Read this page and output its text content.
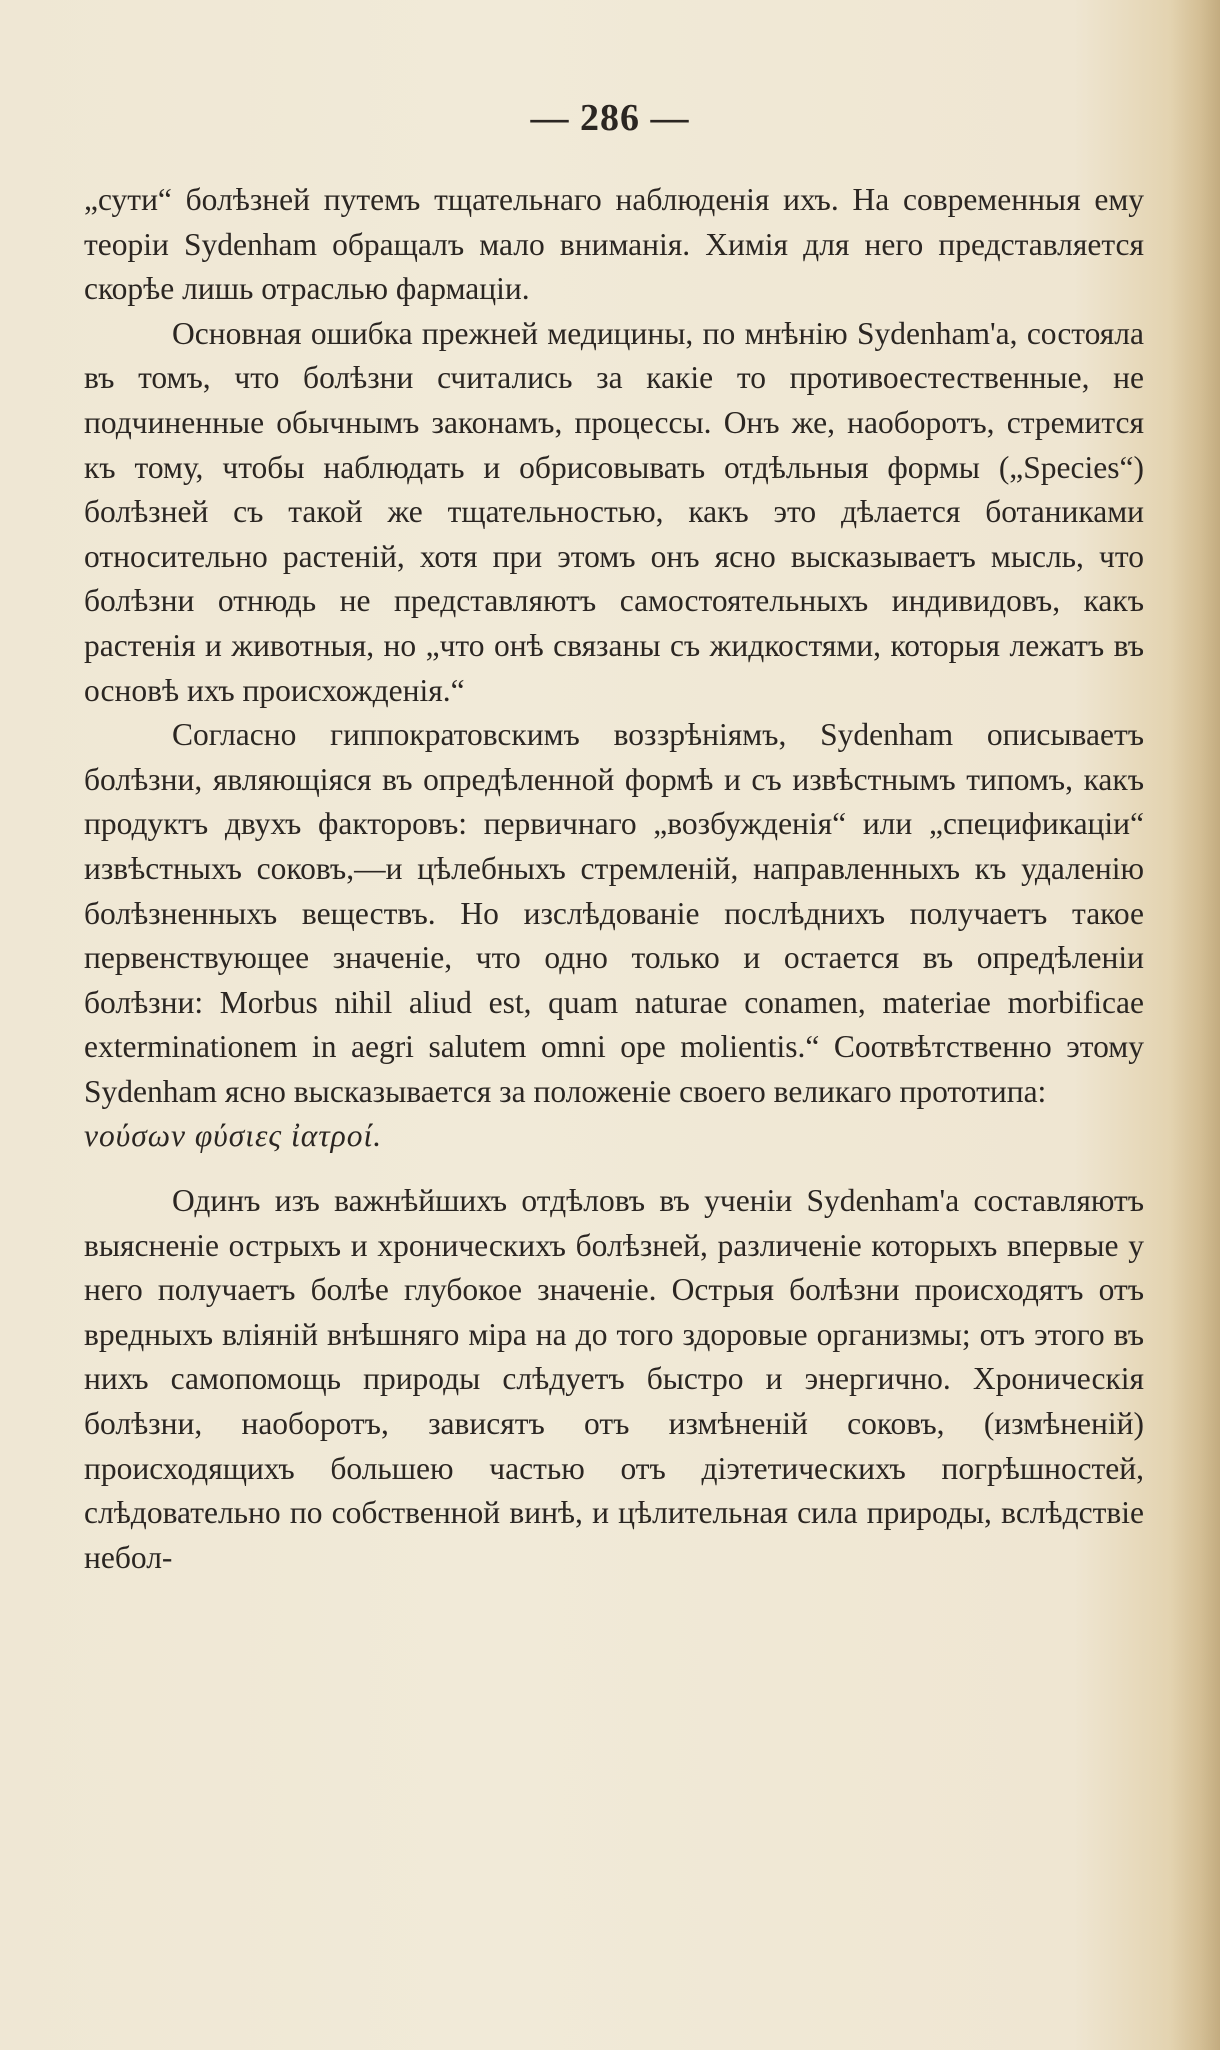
— 286 —

„сути“ болѣзней путемъ тщательнаго наблюденія ихъ. На современныя ему теоріи Sydenham обращалъ мало вниманія. Химія для него представляется скорѣе лишь отраслью фармаціи.

Основная ошибка прежней медицины, по мнѣнію Sydenham'a, состояла въ томъ, что болѣзни считались за какіе то противоестественные, не подчиненные обычнымъ законамъ, процессы. Онъ же, наоборотъ, стремится къ тому, чтобы наблюдать и обрисовывать отдѣльныя формы („Species“) болѣзней съ такой же тщательностью, какъ это дѣлается ботаниками относительно растеній, хотя при этомъ онъ ясно высказываетъ мысль, что болѣзни отнюдь не представляютъ самостоятельныхъ индивидовъ, какъ растенія и животныя, но „что онѣ связаны съ жидкостями, которыя лежатъ въ основѣ ихъ происхожденія.“

Согласно гиппократовскимъ воззрѣніямъ, Sydenham описываетъ болѣзни, являющіяся въ опредѣленной формѣ и съ извѣстнымъ типомъ, какъ продуктъ двухъ факторовъ: первичнаго „возбужденія“ или „спецификаціи“ извѣстныхъ соковъ,—и цѣлебныхъ стремленій, направленныхъ къ удаленію болѣзненныхъ веществъ. Но изслѣдованіе послѣднихъ получаетъ такое первенствующее значеніе, что одно только и остается въ опредѣленіи болѣзни: Morbus nihil aliud est, quam naturae conamen, materiae morbificae exterminationem in aegri salutem omni ope molientis.“ Соотвѣтственно этому Sydenham ясно высказывается за положеніе своего великаго прототипа:

νούσων φύσιες ἰατροί.

Одинъ изъ важнѣйшихъ отдѣловъ въ ученіи Sydenham'a составляютъ выясненіе острыхъ и хроническихъ болѣзней, различеніе которыхъ впервые у него получаетъ болѣе глубокое значеніе. Острыя болѣзни происходятъ отъ вредныхъ вліяній внѣшняго міра на до того здоровые организмы; отъ этого въ нихъ самопомощь природы слѣдуетъ быстро и энергично. Хроническія болѣзни, наоборотъ, зависятъ отъ измѣненій соковъ, (измѣненій) происходящихъ большею частью отъ діэтетическихъ погрѣшностей, слѣдовательно по собственной винѣ, и цѣлительная сила природы, вслѣдствіе небол-
